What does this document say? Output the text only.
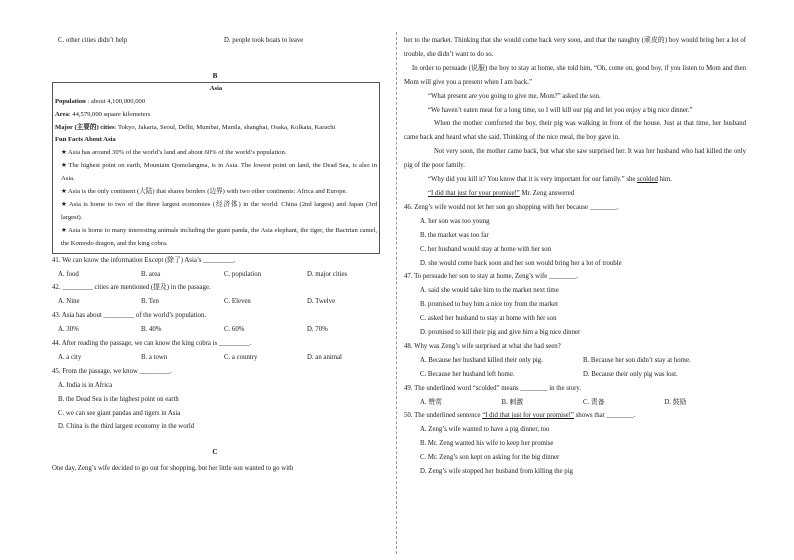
C. other cities didn’t help	D. people took boats to leave
B
Asia
Population : about 4,100,000,000
Area: 44,579,000 square kilometers
Major (主要的) cities: Tokyo, Jakarta, Seoul, Delhi, Mumbai, Manila, shanghai, Osaka, Kolkata, Karachi
Fun Facts About Asia
★Asia has around 30% of the world’s land and about 60% of the world’s population.
★The highest point on earth, Mountain Qomolangma, is in Asia. The lowest point on land, the Dead Sea, is also in Asia.
★Asia is the only continent (大陆) that shares borders (边界) with two other continents: Africa and Europe.
★Asia is home to two of the three largest economies (经济体) in the world: China (2nd largest) and Japan (3rd largest).
★Asia is home to many interesting animals including the giant panda, the Asia elephant, the tiger, the Bactrian camel, the Komodo dragon, and the king cobra.
41. We can know the information Except (除了) Asia’s _________.
A. food	B. area	C. population	D. major cities
42. _________ cities are mentioned (提及) in the passage.
A. Nine	B. Ten	C. Eleven	D. Twelve
43. Asia has about _________ of the world’s population.
A. 30%	B. 40%	C. 60%	D. 70%
44. After reading the passage, we can know the king cobra is _________.
A. a city	B. a town	C. a country	D. an animal
45. From the passage, we know _________.
A. India is in Africa
B. the Dead Sea is the highest point on earth
C. we can see giant pandas and tigers in Asia
D. China is the third largest economy in the world
C
One day, Zeng’s wife decided to go out for shopping, but her little son wanted to go with
her to the market. Thinking that she would come back very soon, and that the naughty (顽皮的) boy would bring her a lot of trouble, she didn’t want to do so.
In order to persuade (说服) the boy to stay at home, she told him, “Oh, come on, good boy, if you listen to Mom and then Mom will give you a present when I am back.”
“What present are you going to give me, Mom?” asked the son.
“We haven’t eaten meat for a long time, so I will kill our pig and let you enjoy a big nice dinner.”
When the mother comforted the boy, their pig was walking in front of the house. Just at that time, her husband came back and heard what she said. Thinking of the nice meal, the boy gave in.
Not very soon, the mother came back, but what she saw surprised her. It was her husband who had killed the only pig of the poor family.
“Why did you kill it? You know that it is very important for our family.” she scolded him.
“I did that just for your promise!” Mr. Zeng answered
46. Zeng’s wife would not let her son go shopping with her because ________.
A. her son was too young
B. the market was too far
C. her husband would stay at home with her son
D. she would come back soon and her son would bring her a lot of trouble
47. To persuade her son to stay at home, Zeng’s wife ________.
A. said she would take him to the market next time
B. promised to buy him a nice toy from the market
C. asked her husband to stay at home with her son
D. promised to kill their pig and give him a big nice dinner
48. Why was Zeng’s wife surprised at what she had seen?
A. Because her husband killed their only pig.	B. Because her son didn’t stay at home.
C. Because her husband left home.	D. Because their only pig was lost.
49. The underlined word “scolded” means ________ in the story.
A. 赞赏	B. 刺激	C. 责备	D. 鼓励
50. The underlined sentence “I did that just for your promise!” shows that ________.
A. Zeng’s wife wanted to have a pig dinner, too
B. Mr. Zeng wanted his wife to keep her promise
C. Mr. Zeng’s son kept on asking for the big dinner
D. Zeng’s wife stopped her husband from killing the pig
